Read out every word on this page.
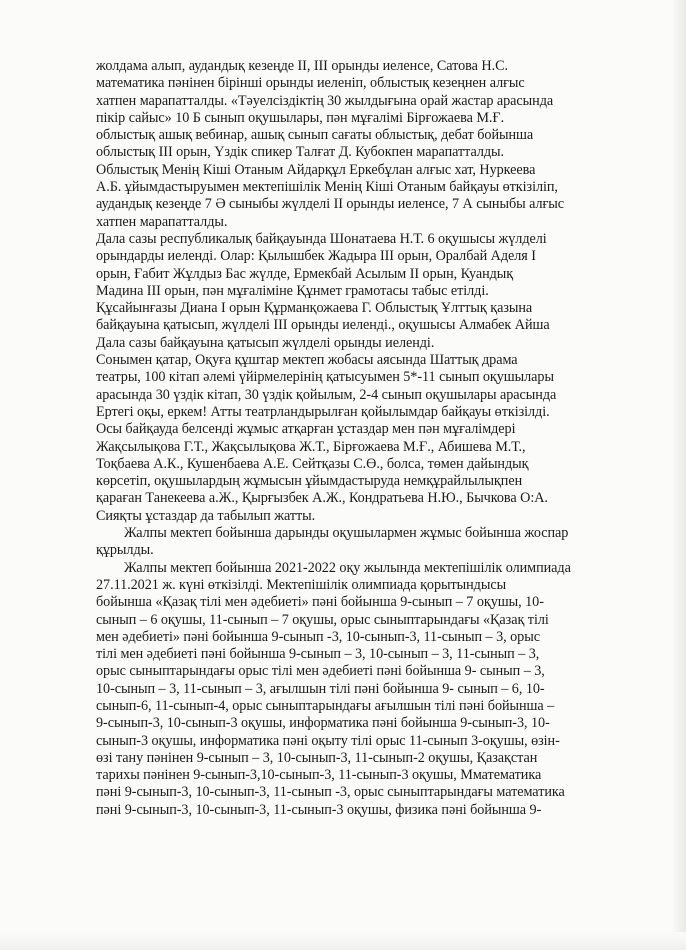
жолдама алып, аудандық кезеңде II, III орынды иеленсе, Сатова Н.С.
математика пәнінен бірінші орынды иеленіп, облыстық кезеңнен алғыс
хатпен марапатталды. «Тәуелсіздіктің 30 жылдығына орай жастар арасында
пікір сайыс» 10 Б сынып оқушылары, пән мұғалімі Бірғожаева М.Ғ.
облыстық ашық вебинар, ашық сынып сағаты облыстық, дебат бойынша
облыстық III орын, Үздік спикер Талғат Д. Кубокпен марапатталды.
Облыстық Менің Кіші Отаным Айдарқұл Еркебұлан алғыс хат, Нуркеева
А.Б. ұйымдастыруымен мектепішілік Менің Кіші Отаным байқауы өткізіліп,
аудандық кезеңде 7 Ә сыныбы жүлделі II орынды иеленсе, 7 А сыныбы алғыс
хатпен марапатталды.
Дала сазы республикалық байқауында Шонатаева Н.Т. 6 оқушысы жүлделі
орындарды иеленді. Олар: Қылышбек Жадыра III орын, Оралбай Аделя I
орын, Ғабит Жұлдыз Бас жүлде, Ермекбай Асылым II орын, Куандық
Мадина III орын, пән мұғаліміне Құнмет грамотасы табыс етілді.
Құсайынғазы Диана I орын Құрманқожаева Г. Облыстық Ұлттық қазына
байқауына қатысып, жүлделі III орынды иеленді., оқушысы Алмабек Айша
Дала сазы байқауына қатысып жүлделі орынды иеленді.
Сонымен қатар, Оқуға құштар мектеп жобасы аясында Шаттық драма
театры, 100 кітап әлемі үйірмелерінің қатысуымен 5*-11 сынып оқушылары
арасында 30 үздік кітап, 30 үздік қойылым, 2-4 сынып оқушылары арасында
Ертегі оқы, еркем! Атты театрландырылған қойылымдар байқауы өткізілді.
Осы байқауда белсенді жұмыс атқарған ұстаздар мен пән мұғалімдері
Жақсылықова Г.Т., Жақсылықова Ж.Т., Бірғожаева М.Ғ., Абишева М.Т.,
Тоқбаева А.К., Кушенбаева А.Е. Сейтқазы С.Ө., болса, төмен дайындық
көрсетіп, оқушылардың жұмысын ұйымдастыруда немқұрайлылықпен
қараған Танекеева а.Ж., Қырғызбек А.Ж., Кондратьева Н.Ю., Бычкова О:А.
Сияқты ұстаздар да табылып жатты.
Жалпы мектеп бойынша дарынды оқушылармен жұмыс бойынша жоспар
құрылды.
Жалпы мектеп бойынша 2021-2022 оқу жылында мектепішілік олимпиада
27.11.2021 ж. күні өткізілді. Мектепішілік олимпиада қорытындысы
бойынша «Қазақ тілі мен әдебиеті» пәні бойынша 9-сынып – 7 оқушы, 10-
сынып – 6 оқушы, 11-сынып – 7 оқушы, орыс сыныптарындағы «Қазақ тілі
мен әдебиеті» пәні бойынша 9-сынып -3, 10-сынып-3, 11-сынып – 3, орыс
тілі мен әдебиеті пәні бойынша 9-сынып – 3, 10-сынып – 3, 11-сынып – 3,
орыс сыныптарындағы орыс тілі мен әдебиеті пәні бойынша 9- сынып – 3,
10-сынып – 3, 11-сынып – 3, ағылшын тілі пәні бойынша 9- сынып – 6, 10-
сынып-6, 11-сынып-4, орыс сыныптарындағы ағылшын тілі пәні бойынша –
9-сынып-3, 10-сынып-3 оқушы, информатика пәні бойынша 9-сынып-3, 10-
сынып-3 оқушы, информатика пәні оқыту тілі орыс 11-сынып 3-оқушы, өзін-
өзі тану пәнінен 9-сынып – 3, 10-сынып-3, 11-сынып-2 оқушы, Қазақстан
тарихы пәнінен 9-сынып-3,10-сынып-3, 11-сынып-3 оқушы, Мматематика
пәні 9-сынып-3, 10-сынып-3, 11-сынып -3, орыс сыныптарындағы математика
пәні 9-сынып-3, 10-сынып-3, 11-сынып-3 оқушы, физика пәні бойынша 9-
